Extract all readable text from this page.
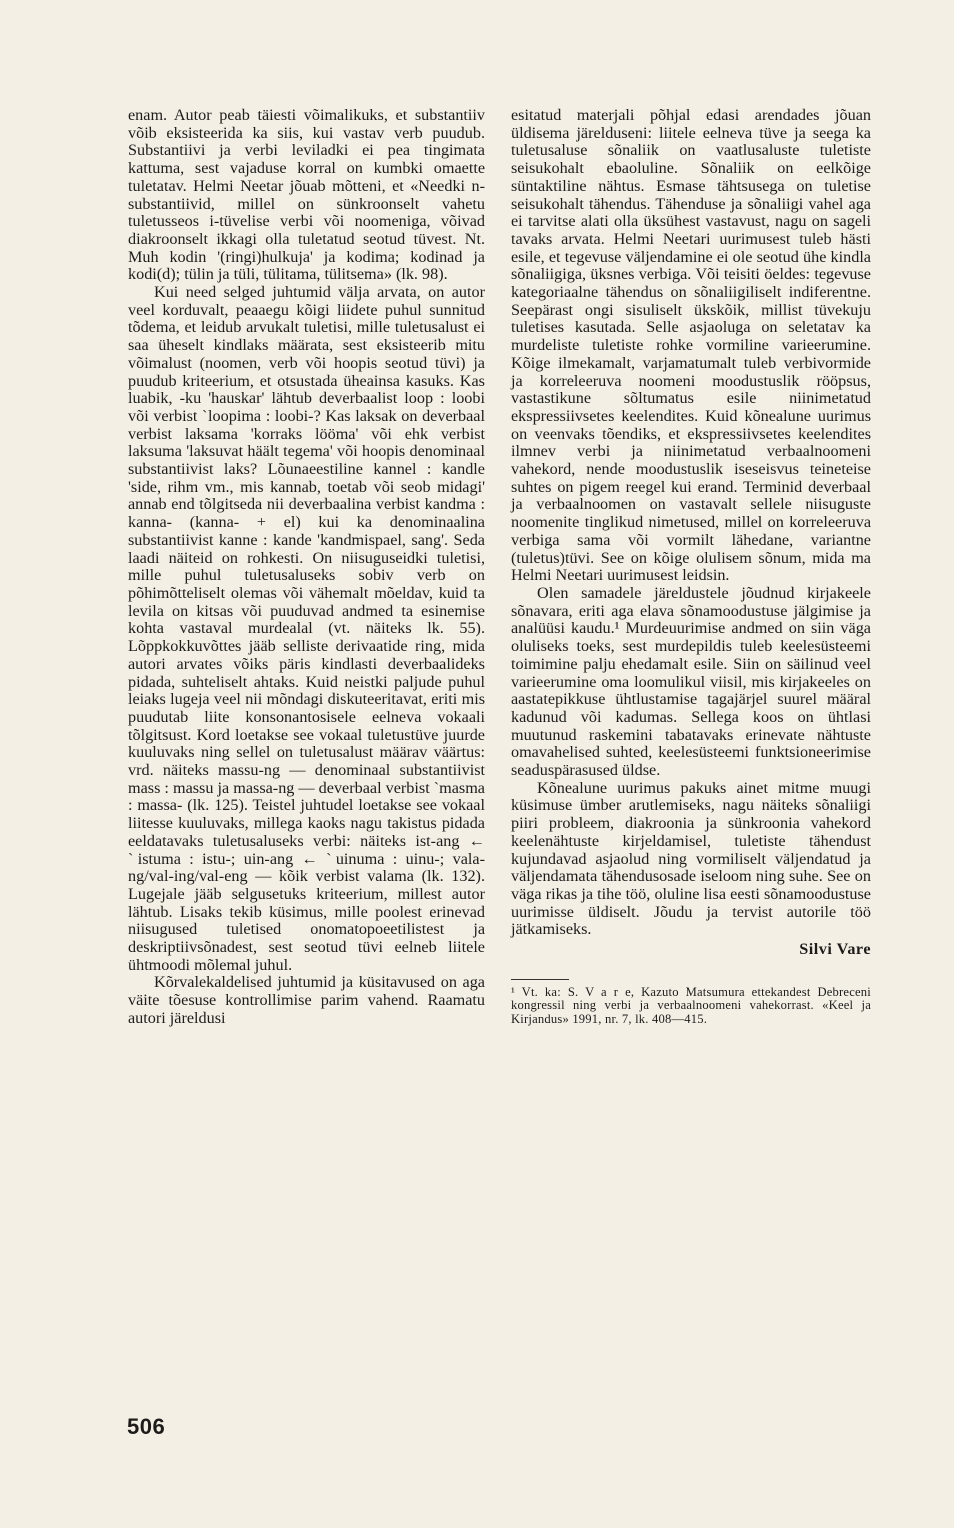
enam. Autor peab täiesti võimalikuks, et substantiiv võib eksisteerida ka siis, kui vastav verb puudub. Substantiivi ja verbi leviladki ei pea tingimata kattuma, sest vajaduse korral on kumbki omaette tuletatav. Helmi Neetar jõuab mõtteni, et «Needki n-substantiivid, millel on sünkroonselt vahetu tuletusseos i-tüvelise verbi või noomeniga, võivad diakroonselt ikkagi olla tuletatud seotud tüvest. Nt. Muh kodin '(ringi)hulkuja' ja kodima; kodinad ja kodi(d); tülin ja tüli, tülitama, tülitsema» (lk. 98).

Kui need selged juhtumid välja arvata, on autor veel korduvalt, peaaegu kõigi liidete puhul sunnitud tõdema, et leidub arvukalt tuletisi, mille tuletusalust ei saa üheselt kindlaks määrata, sest eksisteerib mitu võimalust (noomen, verb või hoopis seotud tüvi) ja puudub kriteerium, et otsustada üheainsa kasuks. Kas luabik, -ku 'hauskar' lähtub deverbaalist loop : loobi või verbist ˋloopima : loobi-? Kas laksak on deverbaal verbist laksama 'korraks lööma' või ehk verbist laksuma 'laksuvat häält tegema' või hoopis denominaal substantiivist laks? Lõunaeestiline kannel : kandle 'side, rihm vm., mis kannab, toetab või seob midagi' annab end tõlgitseda nii deverbaalina verbist kandma : kanna- (kanna- + el) kui ka denominaalina substantiivist kanne : kande 'kandmispael, sang'. Seda laadi näiteid on rohkesti. On niisuguseidki tuletisi, mille puhul tuletusaluseks sobiv verb on põhimõtteliselt olemas või vähemalt mõeldav, kuid ta levila on kitsas või puuduvad andmed ta esinemise kohta vastaval murdealal (vt. näiteks lk. 55). Lõppkokkuvõttes jääb selliste derivaatide ring, mida autori arvates võiks päris kindlasti deverbaalideks pidada, suhteliselt ahtaks. Kuid neistki paljude puhul leiaks lugeja veel nii mõndagi diskuteeritavat, eriti mis puudutab liite konsonantosisele eelneva vokaali tõlgitsust. Kord loetakse see vokaal tuletustüve juurde kuuluvaks ning sellel on tuletusalust määrav väärtus: vrd. näiteks massu-ng — denominaal substantiivist mass : massu ja massa-ng — deverbaal verbist ˋmasma : massa- (lk. 125). Teistel juhtudel loetakse see vokaal liitesse kuuluvaks, millega kaoks nagu takistus pidada eeldatavaks tuletusaluseks verbi: näiteks ist-ang ← ˋistuma : istu-; uin-ang ← ˋuinuma : uinu-; vala-ng/val-ing/val-eng — kõik verbist valama (lk. 132). Lugejale jääb selgusetuks kriteerium, millest autor lähtub. Lisaks tekib küsimus, mille poolest erinevad niisugused tuletised onomatopoeetilistest ja deskriptiivsõnadest, sest seotud tüvi eelneb liitele ühtmoodi mõlemal juhul.

Kõrvalekaldelised juhtumid ja küsitavused on aga väite tõesuse kontrollimise parim vahend. Raamatu autori järeldusi

esitatud materjali põhjal edasi arendades jõuan üldisema järelduseni: liitele eelneva tüve ja seega ka tuletusaluse sõnaliik on vaatlusaluste tuletiste seisukohalt ebaoluline. Sõnaliik on eelkõige süntaktiline nähtus. Esmase tähtsusega on tuletise seisukohalt tähendus. Tähenduse ja sõnaliigi vahel aga ei tarvitse alati olla üksühest vastavust, nagu on sageli tavaks arvata. Helmi Neetari uurimusest tuleb hästi esile, et tegevuse väljendamine ei ole seotud ühe kindla sõnaliigiga, üksnes verbiga. Või teisiti öeldes: tegevuse kategoriaalne tähendus on sõnaliigiliselt indiferentne. Seepärast ongi sisuliselt ükskõik, millist tüvekuju tuletises kasutada. Selle asjaoluga on seletatav ka murdeliste tuletiste rohke vormiline varieerumine. Kõige ilmekamalt, varjamatumalt tuleb verbivormide ja korreleeruva noomeni moodustuslik rööpsus, vastastikune sõltumatus esile niinimetatud ekspressiivsetes keelendites. Kuid kõnealune uurimus on veenvaks tõendiks, et ekspressiivsetes keelendites ilmnev verbi ja niinimetatud verbaalnoomeni vahekord, nende moodustuslik iseseisvus teineteise suhtes on pigem reegel kui erand. Terminid deverbaal ja verbaalnoomen on vastavalt sellele niisuguste noomenite tinglikud nimetused, millel on korreleeruva verbiga sama või vormilt lähedane, variantne (tuletus)tüvi. See on kõige olulisem sõnum, mida ma Helmi Neetari uurimusest leidsin.

Olen samadele järeldustele jõudnud kirjakeele sõnavara, eriti aga elava sõnamoodustuse jälgimise ja analüüsi kaudu.¹ Murdeuurimise andmed on siin väga oluliseks toeks, sest murdepildis tuleb keelesüsteemi toimimine palju ehedamalt esile. Siin on säilinud veel varieerumine oma loomulikul viisil, mis kirjakeeles on aastatepikkuse ühtlustamise tagajärjel suurel määral kadunud või kadumas. Sellega koos on ühtlasi muutunud raskemini tabatavaks erinevate nähtuste omavahelised suhted, keelesüsteemi funktsioneerimise seaduspärasused üldse.

Kõnealune uurimus pakuks ainet mitme muugi küsimuse ümber arutlemiseks, nagu näiteks sõnaliigi piiri probleem, diakroonia ja sünkroonia vahekord keelenähtuste kirjeldamisel, tuletiste tähendust kujundavad asjaolud ning vormiliselt väljendatud ja väljendamata tähendusosade iseloom ning suhe. See on väga rikas ja tihe töö, oluline lisa eesti sõnamoodustuse uurimisse üldiselt. Jõudu ja tervist autorile töö jätkamiseks.

Silvi Vare
¹ Vt. ka: S. V a r e, Kazuto Matsumura ettekandest Debreceni kongressil ning verbi ja verbaalnoomeni vahekorrast. «Keel ja Kirjandus» 1991, nr. 7, lk. 408—415.
506
